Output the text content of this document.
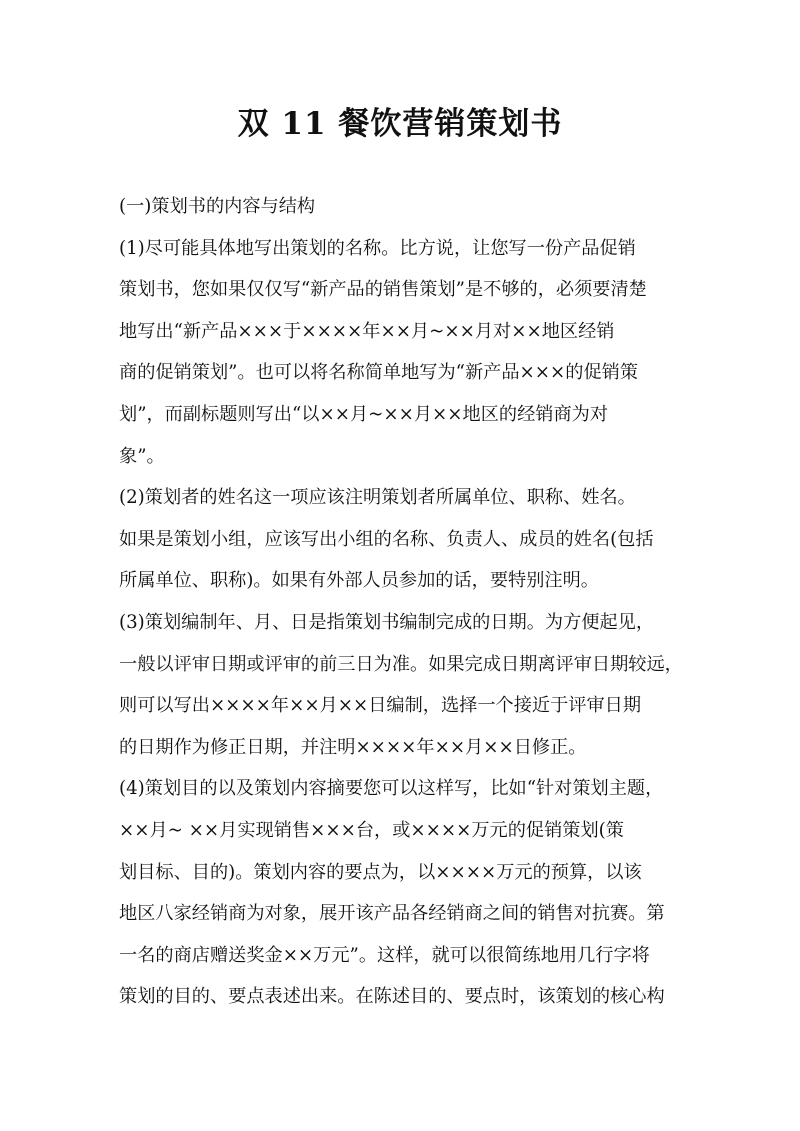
双 11 餐饮营销策划书
(一)策划书的内容与结构
(1)尽可能具体地写出策划的名称。比方说，让您写一份产品促销
策划书，您如果仅仅写“新产品的销售策划”是不够的，必须要清楚
地写出“新产品×××于××××年××月~××月对××地区经销
商的促销策划”。也可以将名称简单地写为“新产品×××的促销策
划”，而副标题则写出“以××月~××月××地区的经销商为对
象”。
(2)策划者的姓名这一项应该注明策划者所属单位、职称、姓名。
如果是策划小组，应该写出小组的名称、负责人、成员的姓名(包括
所属单位、职称)。如果有外部人员参加的话，要特别注明。
(3)策划编制年、月、日是指策划书编制完成的日期。为方便起见，
一般以评审日期或评审的前三日为准。如果完成日期离评审日期较远，
则可以写出××××年××月××日编制，选择一个接近于评审日期
的日期作为修正日期，并注明××××年××月××日修正。
(4)策划目的以及策划内容摘要您可以这样写，比如“针对策划主题，
××月~ ××月实现销售×××台，或××××万元的促销策划(策
划目标、目的)。策划内容的要点为，以××××万元的预算，以该
地区八家经销商为对象，展开该产品各经销商之间的销售对抗赛。第
一名的商店赠送奖金××万元”。这样，就可以很简练地用几行字将
策划的目的、要点表述出来。在陈述目的、要点时，该策划的核心构
